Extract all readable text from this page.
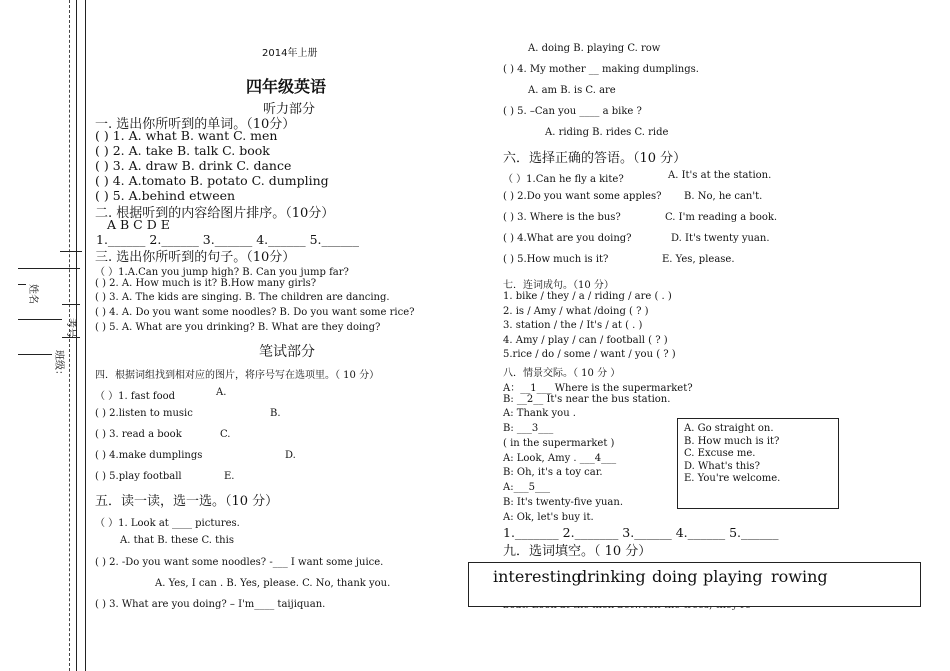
姓名
考号
班级：
2014年上册
四年级英语
听力部分
一. 选出你所听到的单词。（10分）
( ) 1. A. what B. want C. men
( ) 2. A. take B. talk C. book
( ) 3. A. draw B. drink C. dance
( ) 4. A.tomato B. potato C. dumpling
( ) 5. A.behind etween
二. 根据听到的内容给图片排序。（10分）
A B C D E
1.______ 2.______ 3.______ 4.______ 5.______
三. 选出你所听到的句子。（10分）
（ ）1.A.Can you jump high? B. Can you jump far?
( ) 2. A. How much is it? B.How many girls?
( ) 3. A. The kids are singing. B. The children are dancing.
( ) 4. A. Do you want some noodles? B. Do you want some rice?
( ) 5. A. What are you drinking? B. What are they doing?
笔试部分
四．根据词组找到相对应的图片，将序号写在选项里。（ 10 分）
（ ）1. fast food	A.
( ) 2.listen to music	B.
( ) 3. read a book	C.
( ) 4.make dumplings	D.
( ) 5.play football	E.
五．读一读，选一选。（10 分）
（ ）1. Look at ____ pictures.
A. that B. these C. this
( ) 2. -Do you want some noodles? -___ I want some juice.
A. Yes, I can . B. Yes, please. C. No, thank you.
( ) 3. What are you doing? – I'm____ taijiquan.
A. doing B. playing C. row
( ) 4. My mother __ making dumplings.
A. am B. is C. are
( ) 5. –Can you ____ a bike ?
A. riding B. rides C. ride
六．选择正确的答语。（10 分）
（ ）1.Can he fly a kite?	A. It's at the station.
( ) 2.Do you want some apples? B. No, he can't.
( ) 3. Where is the bus?	C. I'm reading a book.
( ) 4.What are you doing?	D. It's twenty yuan.
( ) 5.How much is it?	E. Yes, please.
七．连词成句。（10 分）
1. bike / they / a / riding / are ( . )
2. is / Amy / what /doing ( ? )
3. station / the / It's / at ( . )
4. Amy / play / can / football ( ? )
5.rice / do / some / want / you ( ? )
八．情景交际。（ 10 分 ）
A：__1___ Where is the supermarket?
B: __2__ It's near the bus station.
A: Thank you .
B: ___3___
( in the supermarket )
A: Look, Amy . ___4___
B: Oh, it's a toy car.
A:___5___
B: It's twenty-five yuan.
A: Ok, let's buy it.
1._______ 2._______ 3.______ 4.______ 5.______
A. Go straight on.
B. How much is it?
C. Excuse me.
D. What's this?
E. You're welcome.
九．选词填空。（ 10 分）
interesting
drinking doing playing rowing
